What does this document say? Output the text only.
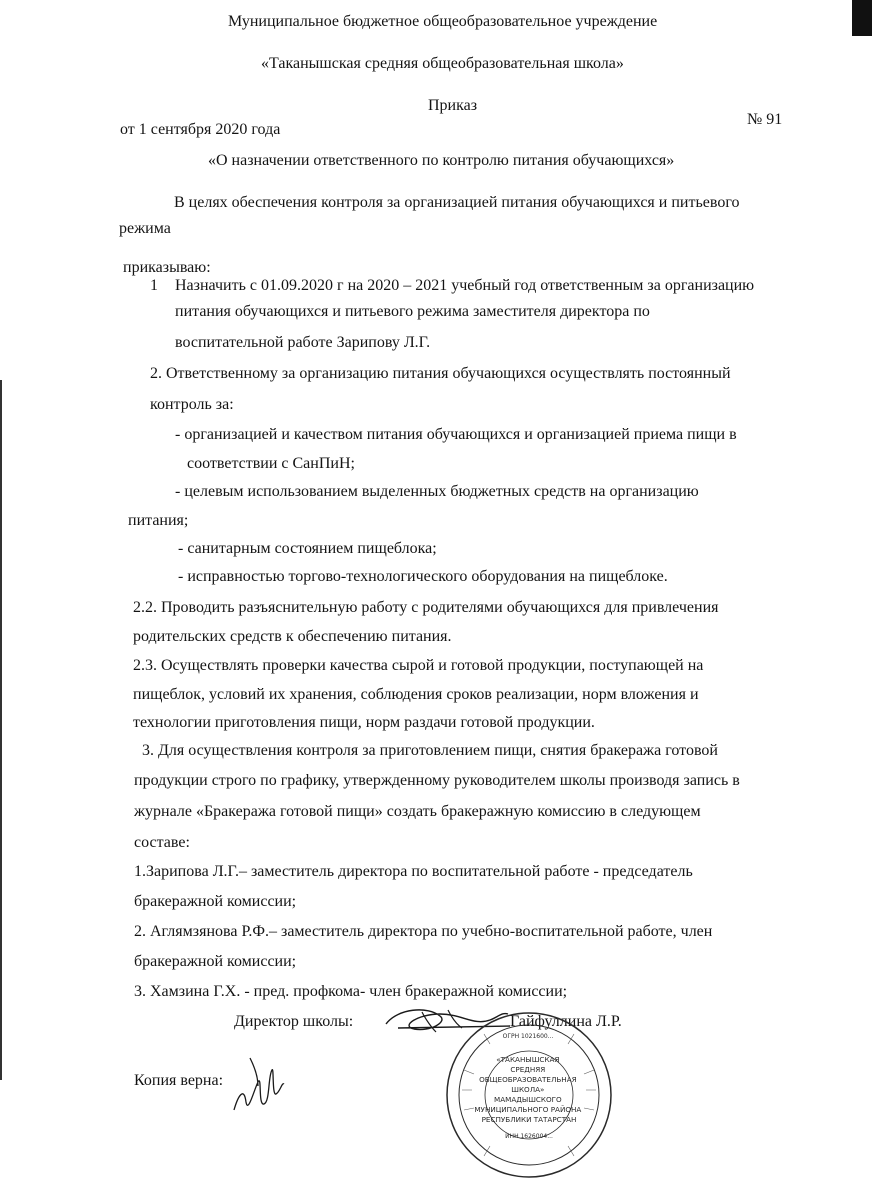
Муниципальное бюджетное общеобразовательное учреждение
«Таканышская средняя общеобразовательная школа»
Приказ
от 1 сентября 2020 года
№ 91
«О назначении ответственного по контролю питания обучающихся»
В целях обеспечения контроля за организацией питания обучающихся и питьевого
режима
приказываю:
1 Назначить с 01.09.2020 г на 2020 – 2021 учебный год ответственным за организацию
питания обучающихся и питьевого режима заместителя директора по
воспитательной работе Зарипову Л.Г.
2. Ответственному за организацию питания обучающихся осуществлять постоянный
контроль за:
- организацией и качеством питания обучающихся и организацией приема пищи в
соответствии с СанПиН;
- целевым использованием выделенных бюджетных средств на организацию
питания;
- санитарным состоянием пищеблока;
- исправностью торгово-технологического оборудования на пищеблоке.
2.2. Проводить разъяснительную работу с родителями обучающихся для привлечения
родительских средств к обеспечению питания.
2.3. Осуществлять проверки качества сырой и готовой продукции, поступающей на
пищеблок, условий их хранения, соблюдения сроков реализации, норм вложения и
технологии приготовления пищи, норм раздачи готовой продукции.
3. Для осуществления контроля за приготовлением пищи, снятия бракеража готовой
продукции строго по графику, утвержденному руководителем школы производя запись в
журнале «Бракеража готовой пищи» создать бракеражную комиссию в следующем
составе:
1.Зарипова Л.Г.– заместитель директора по воспитательной работе - председатель
бракеражной комиссии;
2. Аглямзянова Р.Ф.– заместитель директора по учебно-воспитательной работе, член
бракеражной комиссии;
3. Хамзина Г.Х. - пред. профкома- член бракеражной комиссии;
Директор школы:	Гайфуллина Л.Р.
Копия верна:
«ТАКАНЫШСКАЯ СРЕДНЯЯ ОБЩЕОБРАЗОВАТЕЛЬНАЯ ШКОЛА» МАМАДЫШСКОГО МУНИЦИПАЛЬНОГО РАЙОНА РЕСПУБЛИКИ ТАТАРСТАН
ОГРН 1021600... ИНН 1626004...
